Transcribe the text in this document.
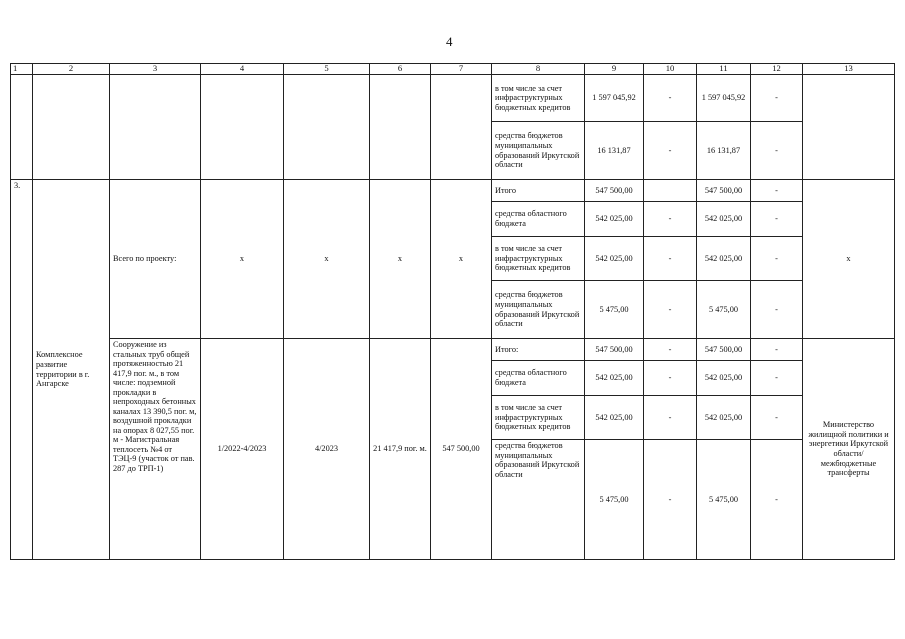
4
1	2	3	4	5	6	7	8	9	10	11	12	13
							в том числе за счет инфраструктурных бюджетных кредитов	1 597 045,92	-	1 597 045,92	-	
							средства бюджетов муниципальных образований Иркутской области	16 131,87	-	16 131,87	-	
3.	Комплексное развитие территории в г. Ангарске	Всего по проекту:	х	х	х	х	Итого	547 500,00		547 500,00	-	х
							средства областного бюджета	542 025,00	-	542 025,00	-	
							в том числе за счет инфраструктурных бюджетных кредитов	542 025,00	-	542 025,00	-	
							средства бюджетов муниципальных образований Иркутской области	5 475,00	-	5 475,00	-	
		Сооружение из стальных труб общей протяженностью 21 417,9 пог. м., в том числе: подземной прокладки в непроходных бетонных каналах 13 390,5 пог. м, воздушной прокладки на опорах 8 027,55 пог. м - Магистральная теплосеть №4 от ТЭЦ-9 (участок от пав. 287 до ТРП-1)	1/2022-4/2023	4/2023	21 417,9 пог. м.	547 500,00	Итого:	547 500,00	-	547 500,00	-	Министерство жилищной политики и энергетики Иркутской области/ межбюджетные трансферты
							средства областного бюджета	542 025,00	-	542 025,00	-	
							в том числе за счет инфраструктурных бюджетных кредитов	542 025,00	-	542 025,00	-	
							средства бюджетов муниципальных образований Иркутской области	5 475,00	-	5 475,00	-	
